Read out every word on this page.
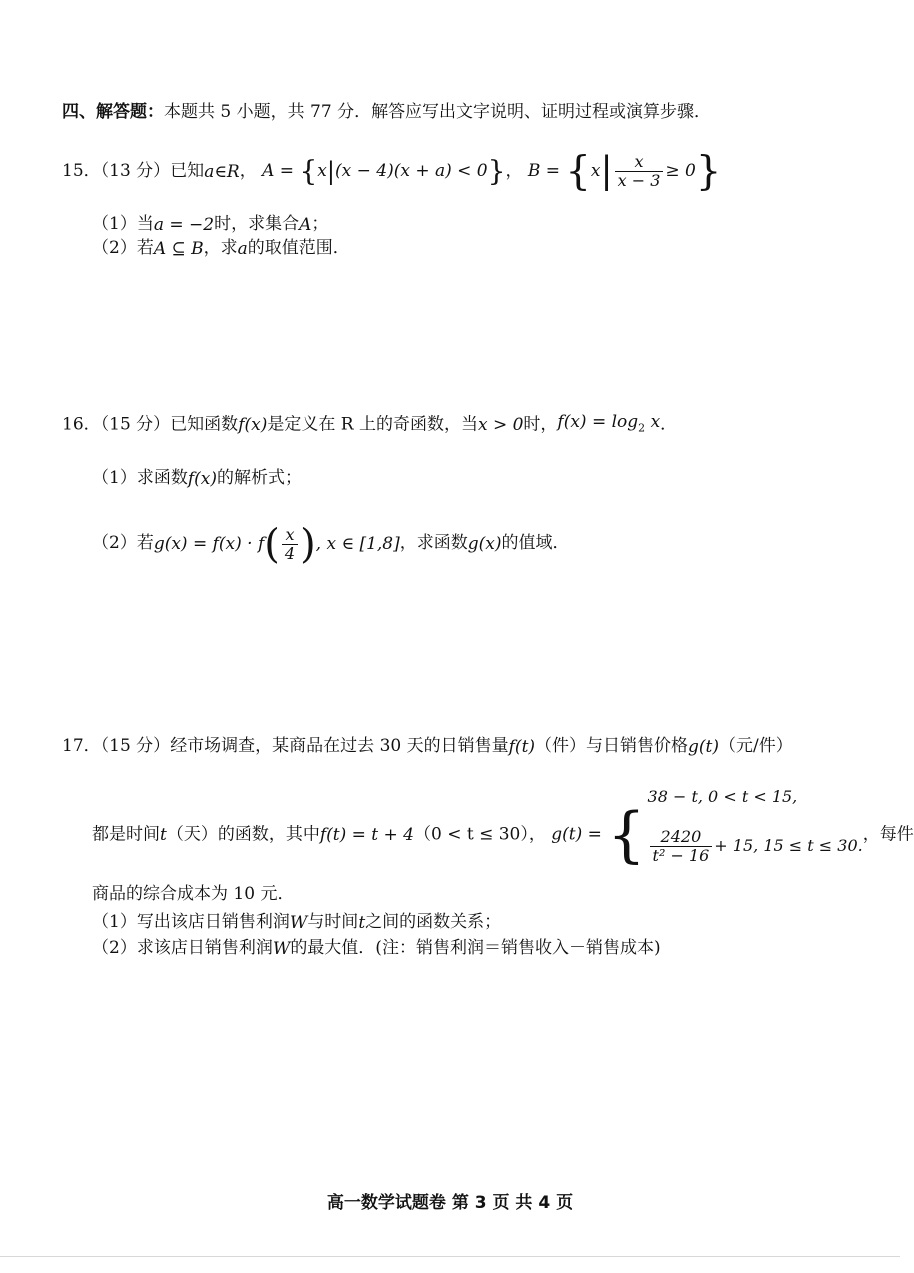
四、解答题：本题共 5 小题，共 77 分．解答应写出文字说明、证明过程或演算步骤．
15．（13 分）已知a∈R， A = {x|(x − 4)(x + a) < 0}， $B = \{x| \frac{x}{x - 3} \ge 0\}$
（1）当a = −2时，求集合A；
（2）若A ⊆ B，求a的取值范围．
16．（15 分）已知函数f(x)是定义在 R 上的奇函数，当x > 0时，$f(x) = \log_2 x$．
（1）求函数f(x)的解析式；
（2）若$g(x) = f(x) \cdot f( \frac{x}{4}$ ), x ∈ [1,8]，求函数g(x)的值域．
17．（15 分）经市场调查，某商品在过去 30 天的日销售量f(t)（件）与日销售价格g(t)（元/件）
都是时间t（天）的函数，其中f(t) = t + 4（0 < t ≤ 30）， g(t) = {
38 − t, 0 < t < 15,
$\frac{2420}{\text{t² − 16}} + 15$, 15 ≤ t ≤ 30.
，每件
商品的综合成本为 10 元．
（1）写出该店日销售利润W与时间t之间的函数关系；
（2）求该店日销售利润W的最大值．(注：销售利润＝销售收入－销售成本)
高一数学试题卷 第 3 页 共 4 页
